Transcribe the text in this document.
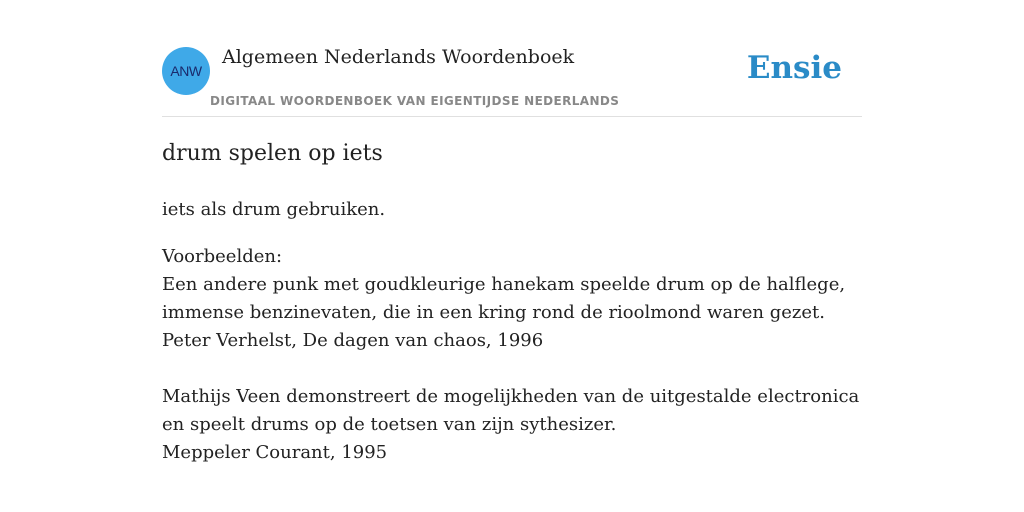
ANW
Algemeen Nederlands Woordenboek
DIGITAAL WOORDENBOEK VAN EIGENTIJDSE NEDERLANDS
Ensie
drum spelen op iets

iets als drum gebruiken.

Voorbeelden:

Een andere punk met goudkleurige hanekam speelde drum op de halflege, immense benzinevaten, die in een kring rond de rioolmond waren gezet.

Peter Verhelst, De dagen van chaos, 1996

Mathijs Veen demonstreert de mogelijkheden van de uitgestalde electronica en speelt drums op de toetsen van zijn sythesizer.

Meppeler Courant, 1995
